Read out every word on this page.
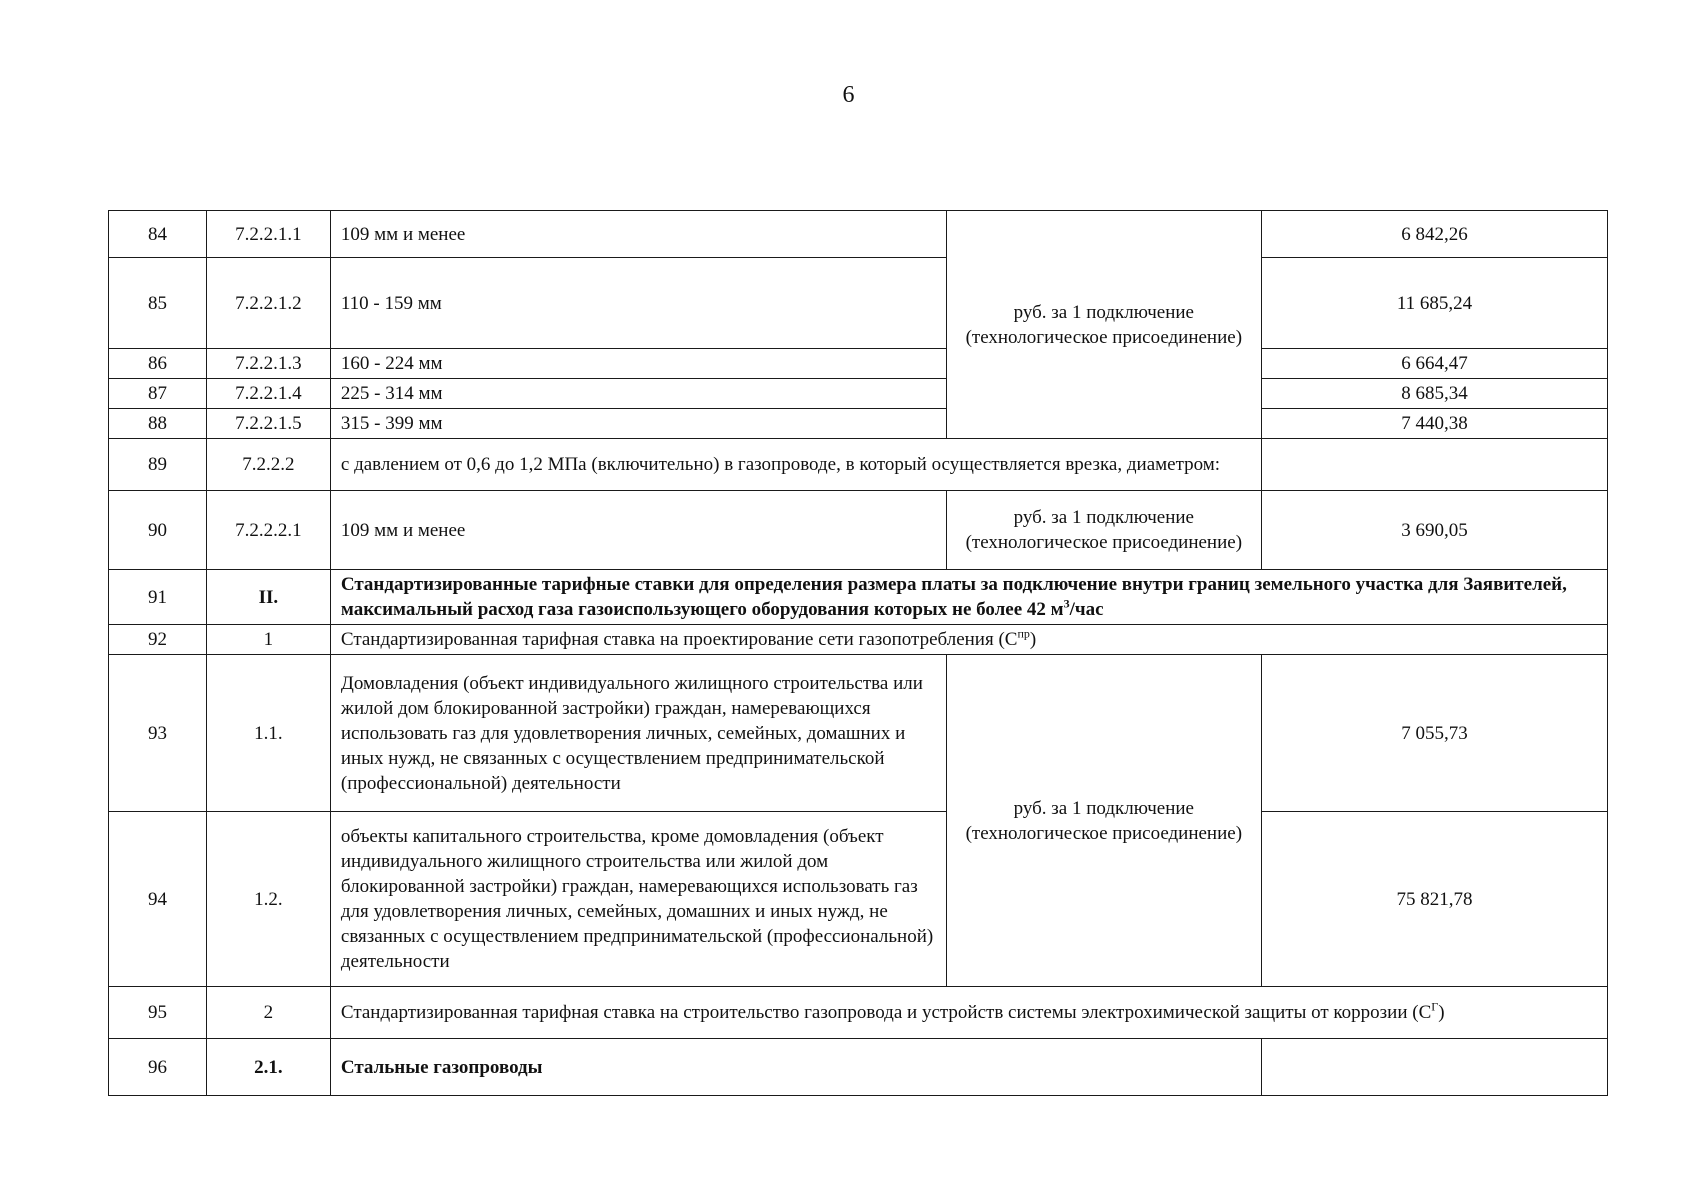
6
84	7.2.2.1.1	109 мм и менее	руб. за 1 подключение (технологическое присоединение)	6 842,26
85	7.2.2.1.2	110 - 159 мм		11 685,24
86	7.2.2.1.3	160 - 224 мм		6 664,47
87	7.2.2.1.4	225 - 314 мм		8 685,34
88	7.2.2.1.5	315 - 399 мм		7 440,38
89	7.2.2.2	с давлением от 0,6 до 1,2 МПа (включительно) в газопроводе, в который осуществляется врезка, диаметром:		
90	7.2.2.2.1	109 мм и менее	руб. за 1 подключение (технологическое присоединение)	3 690,05
91	II.	Стандартизированные тарифные ставки для определения размера платы за подключение внутри границ земельного участка для Заявителей, максимальный расход газа газоиспользующего оборудования которых не более 42 $м^3$/час		
92	1	Стандартизированная тарифная ставка на проектирование сети газопотребления $(С^{пр})$		
93	1.1.	Домовладения (объект индивидуального жилищного строительства или жилой дом блокированной застройки) граждан, намеревающихся использовать газ для удовлетворения личных, семейных, домашних и иных нужд, не связанных с осуществлением предпринимательской (профессиональной) деятельности	руб. за 1 подключение (технологическое присоединение)	7 055,73
94	1.2.	объекты капитального строительства, кроме домовладения (объект индивидуального жилищного строительства или жилой дом блокированной застройки) граждан, намеревающихся использовать газ для удовлетворения личных, семейных, домашних и иных нужд, не связанных с осуществлением предпринимательской (профессиональной) деятельности		75 821,78
95	2	Стандартизированная тарифная ставка на строительство газопровода и устройств системы электрохимической защиты от коррозии $(С^Г)$		
96	2.1.	Стальные газопроводы		
